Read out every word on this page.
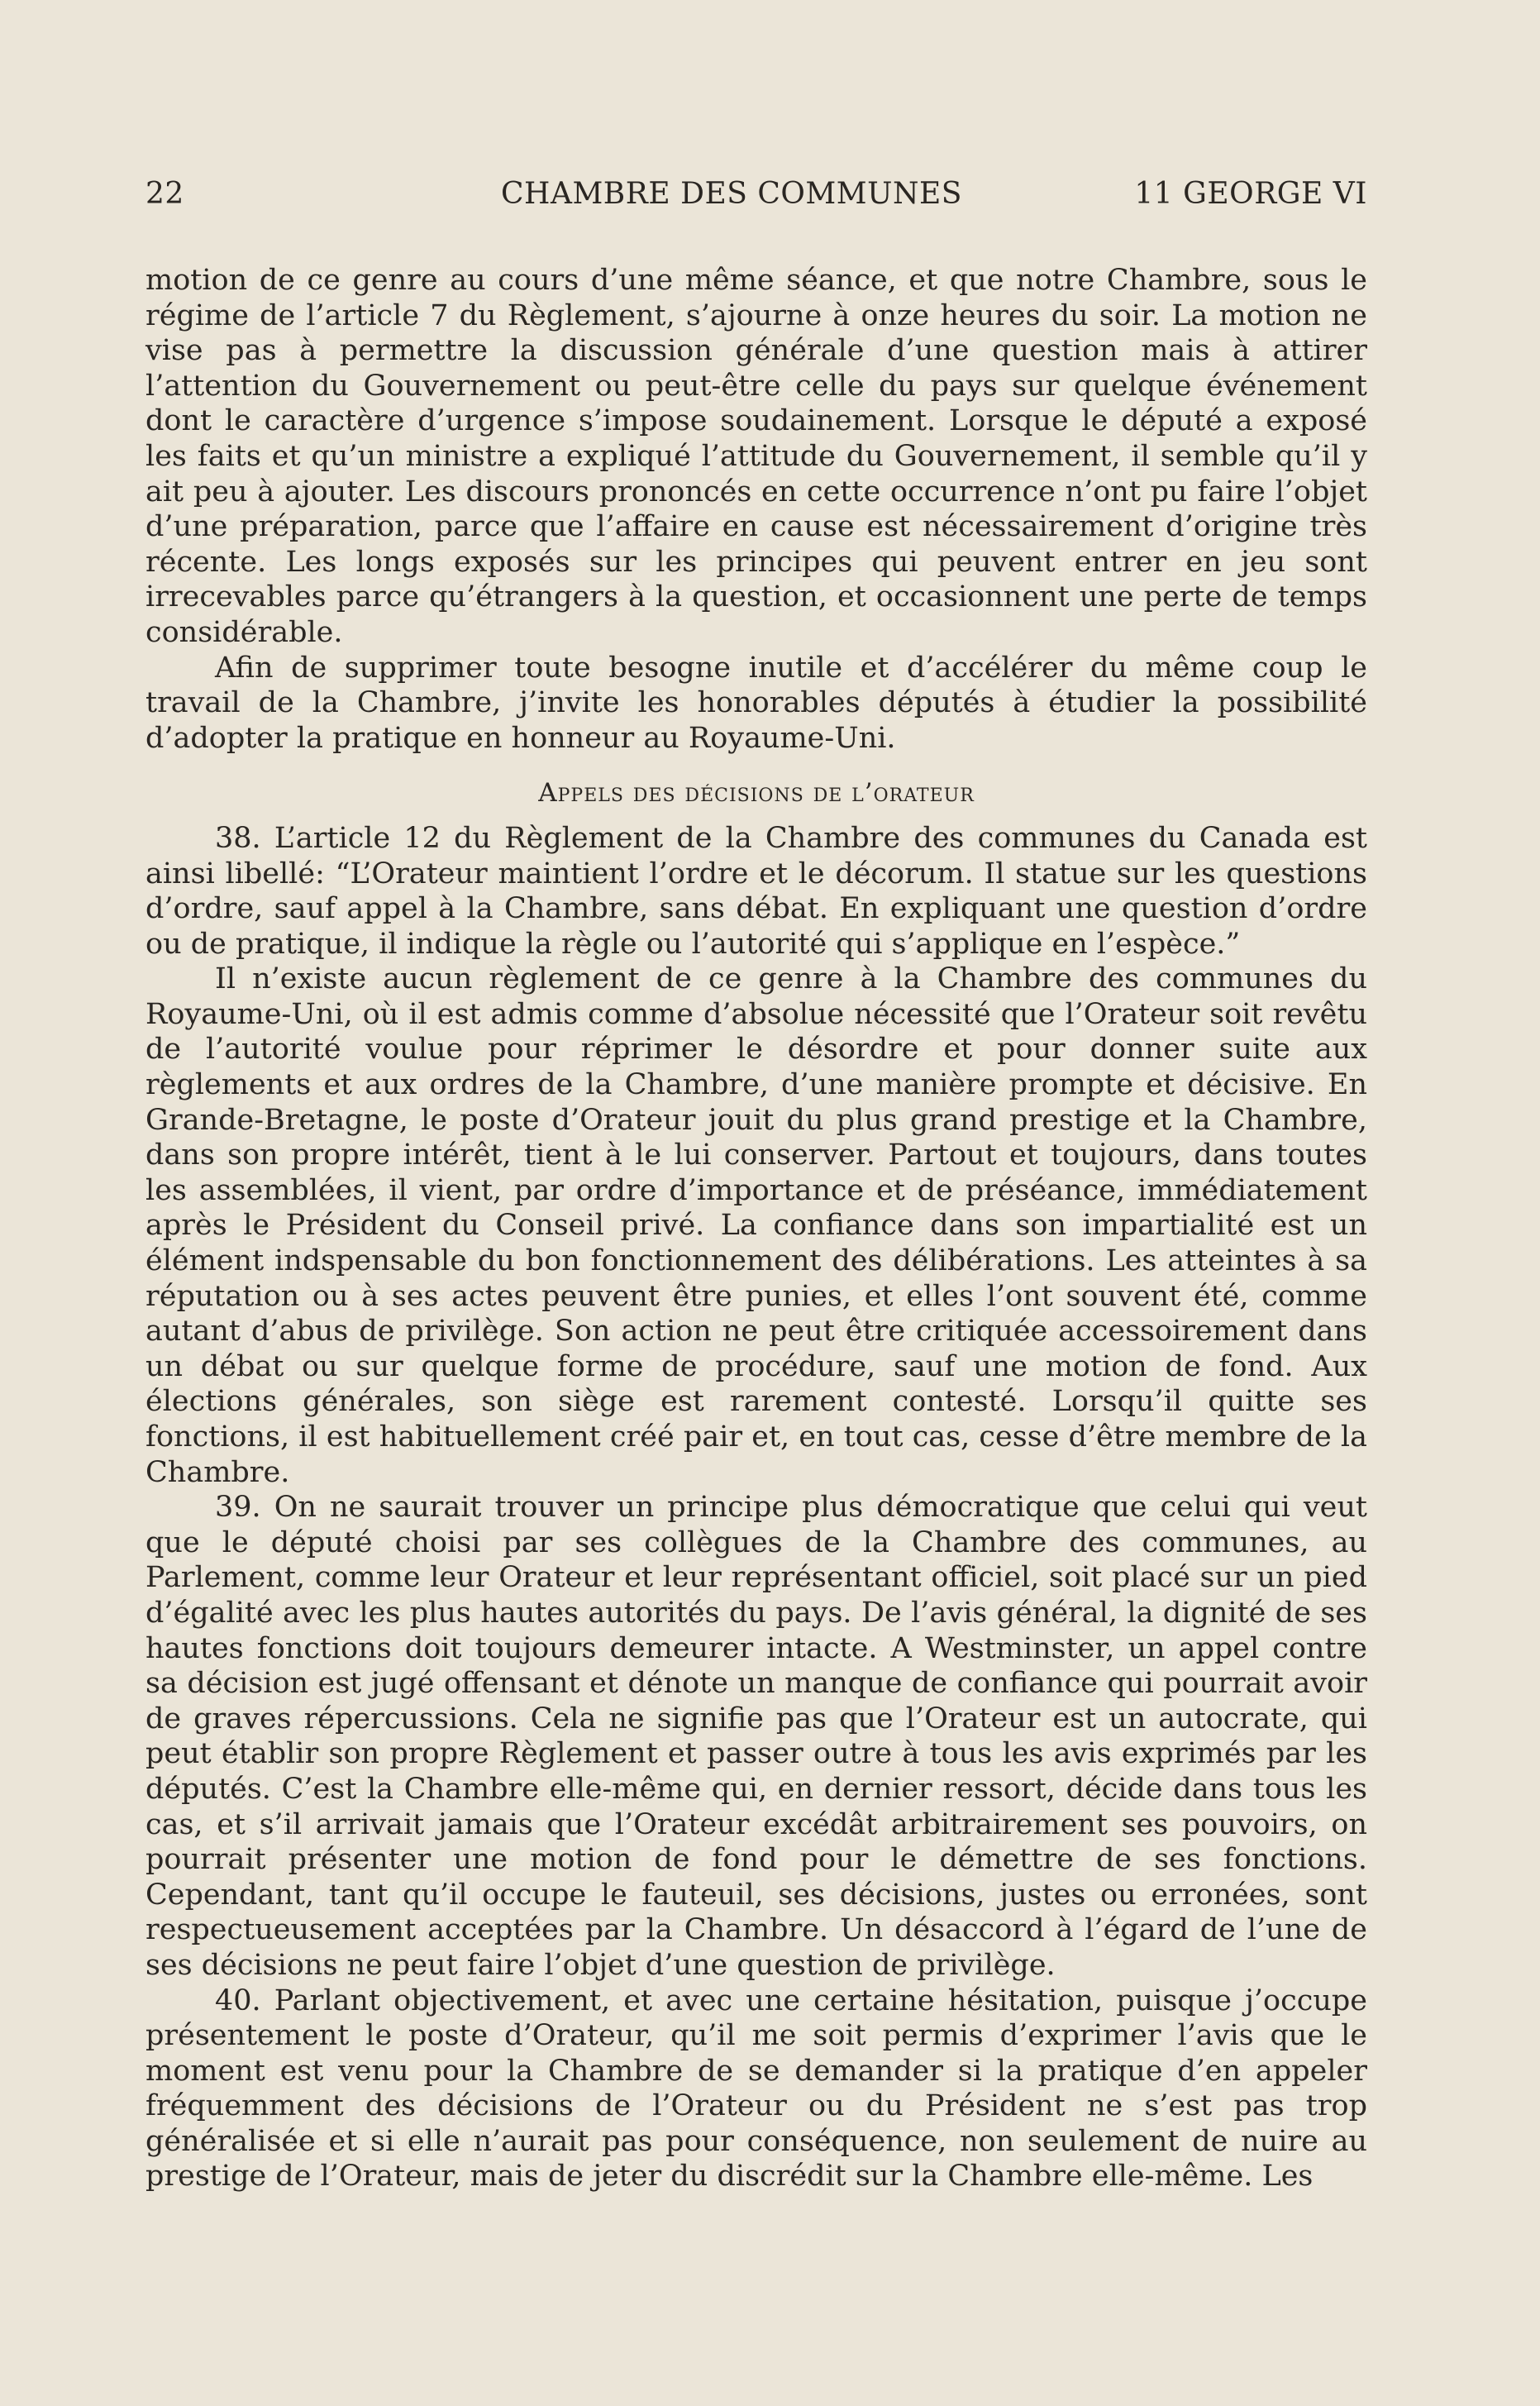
22	CHAMBRE DES COMMUNES	11 GEORGE VI

motion de ce genre au cours d’une même séance, et que notre Chambre, sous le régime de l’article 7 du Règlement, s’ajourne à onze heures du soir. La motion ne vise pas à permettre la discussion générale d’une question mais à attirer l’attention du Gouvernement ou peut-être celle du pays sur quelque événement dont le caractère d’urgence s’impose soudainement. Lorsque le député a exposé les faits et qu’un ministre a expliqué l’attitude du Gouvernement, il semble qu’il y ait peu à ajouter. Les discours prononcés en cette occurrence n’ont pu faire l’objet d’une préparation, parce que l’affaire en cause est nécessairement d’origine très récente. Les longs exposés sur les principes qui peuvent entrer en jeu sont irrecevables parce qu’étrangers à la question, et occasionnent une perte de temps considérable.

Afin de supprimer toute besogne inutile et d’accélérer du même coup le travail de la Chambre, j’invite les honorables députés à étudier la possibilité d’adopter la pratique en honneur au Royaume-Uni.

Appels des décisions de l’orateur

38. L’article 12 du Règlement de la Chambre des communes du Canada est ainsi libellé: “L’Orateur maintient l’ordre et le décorum. Il statue sur les questions d’ordre, sauf appel à la Chambre, sans débat. En expliquant une question d’ordre ou de pratique, il indique la règle ou l’autorité qui s’applique en l’espèce.”

Il n’existe aucun règlement de ce genre à la Chambre des communes du Royaume-Uni, où il est admis comme d’absolue nécessité que l’Orateur soit revêtu de l’autorité voulue pour réprimer le désordre et pour donner suite aux règlements et aux ordres de la Chambre, d’une manière prompte et décisive. En Grande-Bretagne, le poste d’Orateur jouit du plus grand prestige et la Chambre, dans son propre intérêt, tient à le lui conserver. Partout et toujours, dans toutes les assemblées, il vient, par ordre d’importance et de préséance, immédiatement après le Président du Conseil privé. La confiance dans son impartialité est un élément indspensable du bon fonctionnement des délibérations. Les atteintes à sa réputation ou à ses actes peuvent être punies, et elles l’ont souvent été, comme autant d’abus de privilège. Son action ne peut être critiquée accessoirement dans un débat ou sur quelque forme de procédure, sauf une motion de fond. Aux élections générales, son siège est rarement contesté. Lorsqu’il quitte ses fonctions, il est habituellement créé pair et, en tout cas, cesse d’être membre de la Chambre.

39. On ne saurait trouver un principe plus démocratique que celui qui veut que le député choisi par ses collègues de la Chambre des communes, au Parlement, comme leur Orateur et leur représentant officiel, soit placé sur un pied d’égalité avec les plus hautes autorités du pays. De l’avis général, la dignité de ses hautes fonctions doit toujours demeurer intacte. A Westminster, un appel contre sa décision est jugé offensant et dénote un manque de confiance qui pourrait avoir de graves répercussions. Cela ne signifie pas que l’Orateur est un autocrate, qui peut établir son propre Règlement et passer outre à tous les avis exprimés par les députés. C’est la Chambre elle-même qui, en dernier ressort, décide dans tous les cas, et s’il arrivait jamais que l’Orateur excédât arbitrairement ses pouvoirs, on pourrait présenter une motion de fond pour le démettre de ses fonctions. Cependant, tant qu’il occupe le fauteuil, ses décisions, justes ou erronées, sont respectueusement acceptées par la Chambre. Un désaccord à l’égard de l’une de ses décisions ne peut faire l’objet d’une question de privilège.

40. Parlant objectivement, et avec une certaine hésitation, puisque j’occupe présentement le poste d’Orateur, qu’il me soit permis d’exprimer l’avis que le moment est venu pour la Chambre de se demander si la pratique d’en appeler fréquemment des décisions de l’Orateur ou du Président ne s’est pas trop généralisée et si elle n’aurait pas pour conséquence, non seulement de nuire au prestige de l’Orateur, mais de jeter du discrédit sur la Chambre elle-même. Les
